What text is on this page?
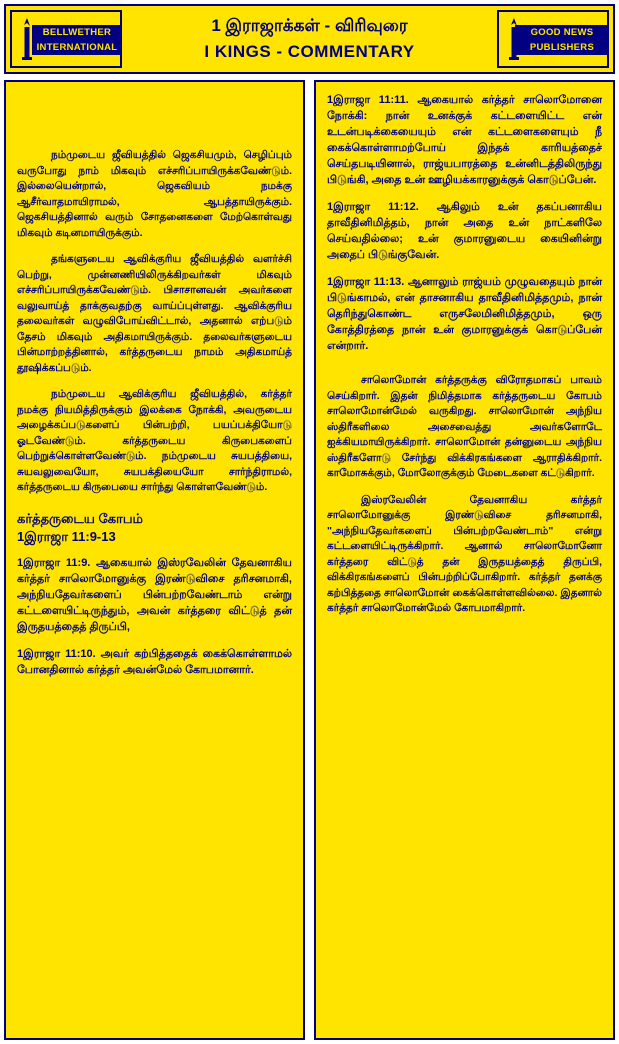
BELLWETHER
INTERNATIONAL
1 இராஜாக்கள் - விரிவுரை
I KINGS - COMMENTARY
GOOD NEWS
PUBLISHERS

நம்முடைய ஜீவியத்தில் ஜெகசியமும், செழிப்பும் வருபோது நாம் மிகவும் எச்சரிப்பாயிருக்கவேண்டும். இல்லையென்றால், ஜெகவியம் நமக்கு ஆசீர்வாதமாயிராமல், ஆபத்தாயிருக்கும். ஜெகசியத்தினால் வரும் சோதனைகளை மேற்கொள்வது மிகவும் கடினமாயிருக்கும்.

தங்களுடைய ஆவிக்குரிய ஜீவியத்தில் வளர்ச்சி பெற்று, முன்னணியிலிருக்கிறவர்கள் மிகவும் எச்சரிப்பாயிருக்கவேண்டும். பிசாசானவன் அவர்களை வலுவாய்த் தாக்குவதற்கு வாய்ப்புள்ளது. ஆவிக்குரிய தலைவர்கள் வழுவிபோய்விட்டால், அதனால் எற்படும் தேசம் மிகவும் அதிகமாயிருக்கும். தலைவர்களுடைய பின்மாற்றத்தினால், கர்த்தருடைய நாமம் அதிகமாய்த் தூஷிக்கப்படும்.

நம்முடைய ஆவிக்குரிய ஜீவியத்தில், கர்த்தர் நமக்கு நியமித்திருக்கும் இலக்கை நோக்கி, அவருடைய அழைக்கப்படுகளைப் பின்பற்றி, பயப்பக்தியோடு ஓடவேண்டும். கர்த்தருடைய கிருபைகளைப் பெற்றுக்கொள்ளவேண்டும். நம்முடைய சுயபத்தியை, சுயவலுவையோ, சுயபக்தியையோ சார்ந்திராமல், கர்த்தருடைய கிருபையை சார்ந்து கொள்ளவேண்டும்.

கர்த்தருடைய கோபம்
1இராஜா 11:9-13

1இராஜா 11:9. ஆகையால் இஸ்ரவேலின் தேவனாகிய கர்த்தர் சாலொமோனுக்கு இரண்டுவிசை தரிசனமாகி, அந்நியதேவர்களைப் பின்பற்றவேண்டாம் என்று கட்டளையிட்டிருந்தும், அவன் கர்த்தரை விட்டுத் தன் இருதயத்தைத் திருப்பி,

1இராஜா 11:10. அவர் கற்பித்ததைக் கைக்கொள்ளாமல் போனதினால் கர்த்தர் அவன்மேல் கோபமானார்.

1இராஜா 11:11. ஆகையால் கர்த்தர் சாலொமோனை நோக்கி: நான் உனக்குக் கட்டளையிட்ட என் உடன்படிக்கையையும் என் கட்டளைகளையும் நீ கைக்கொள்ளாமற்போய் இந்தக் காரியத்தைச் செய்தபடியினால், ராஜ்யபாரத்தை உன்னிடத்திலிருந்து பிடுங்கி, அதை உன் ஊழியக்காரனுக்குக் கொடுப்பேன்.

1இராஜா 11:12. ஆகிலும் உன் தகப்பனாகிய தாவீதினிமித்தம், நான் அதை உன் நாட்களிலே செய்வதில்லை; உன் குமாரனுடைய கையினின்று அதைப் பிடுங்குவேன்.

1இராஜா 11:13. ஆனாலும் ராஜ்யம் முழுவதையும் நான் பிடுங்காமல், என் தாசனாகிய தாவீதினிமித்தமும், நான் தெரிந்துகொண்ட எருசலேமினிமித்தமும், ஒரு கோத்திரத்தை நான் உன் குமாரனுக்குக் கொடுப்பேன் என்றார்.

சாலொமோன் கர்த்தருக்கு விரோதமாகப் பாவம் செய்கிறார். இதன் நிமித்தமாக கர்த்தருடைய கோபம் சாலொமோன்மேல் வருகிறது. சாலொமோன் அந்நிய ஸ்திரீகளிலை அசைவைத்து அவர்களோடே ஐக்கியமாயிருக்கிறார். சாலொமோன் தன்னுடைய அந்நிய ஸ்திரீகளோடு சேர்ந்து விக்கிரகங்களை ஆராதிக்கிறார். காமோசுக்கும், மோலோகுக்கும் மேடைகளை கட்டுகிறார்.

இஸ்ரவேலின் தேவனாகிய கர்த்தர் சாலொமோனுக்கு இரண்டுவிசை தரிசனமாகி, "அந்நியதேவர்களைப் பின்பற்றவேண்டாம்" என்று கட்டளையிட்டிருக்கிறார். ஆனால் சாலொமோனோ கர்த்தரை விட்டுத் தன் இருதயத்தைத் திருப்பி, விக்கிரகங்களைப் பின்பற்றிப்போகிறார். கர்த்தர் தனக்கு கற்பித்ததை சாலொமோன் கைக்கொள்ளவில்லை. இதனால் கர்த்தர் சாலொமோன்மேல் கோபமாகிறார்.
